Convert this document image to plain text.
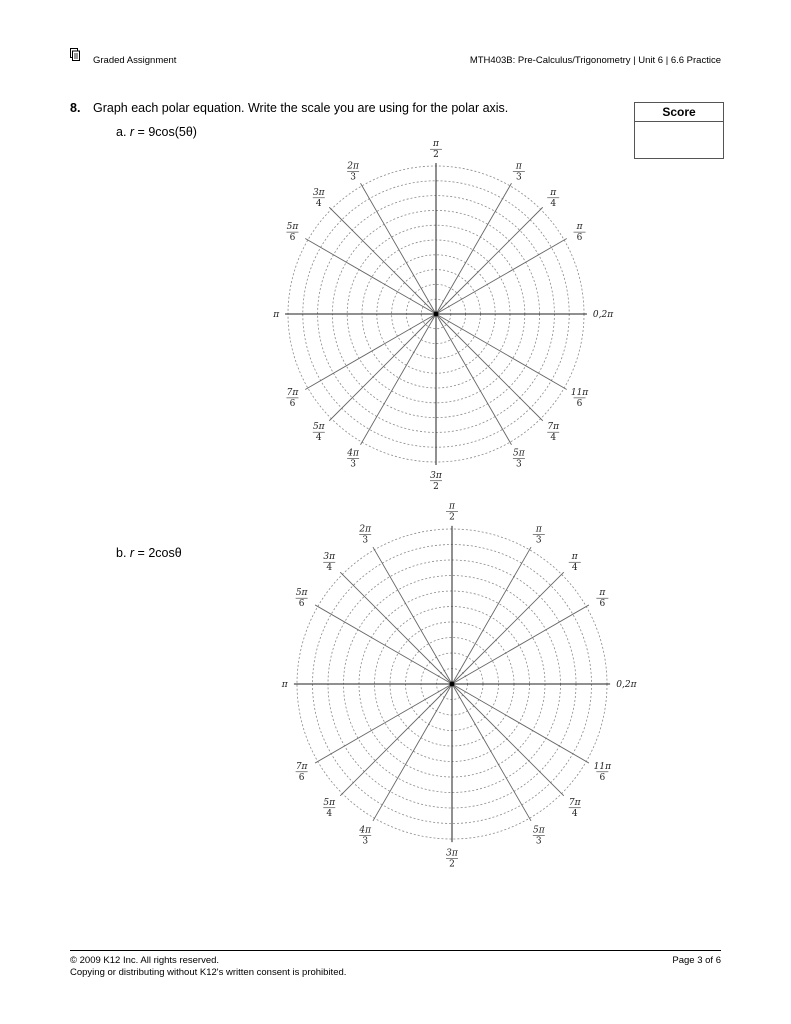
Graded Assignment	MTH403B: Pre-Calculus/Trigonometry | Unit 6 | 6.6 Practice
8. Graph each polar equation. Write the scale you are using for the polar axis.	Score
a. r = 9cos(5θ)
b. r = 2cosθ
0,2π
π
6
π
4
π
3
π
2
2π
3
3π
4
5π
6
π
7π
6
5π
4
4π
3
3π
2
5π
3
7π
4
11π
6
0,2π
π
6
π
4
π
3
π
2
2π
3
3π
4
5π
6
π
7π
6
5π
4
4π
3
3π
2
5π
3
7π
4
11π
6
© 2009 K12 Inc. All rights reserved.
Copying or distributing without K12's written consent is prohibited.
Page 3 of 6
